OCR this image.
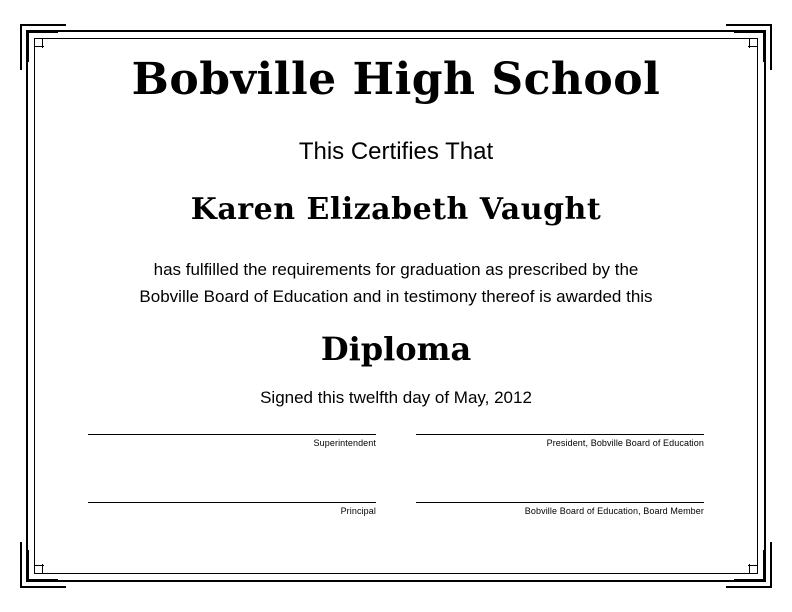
Bobville High School
This Certifies That
Karen Elizabeth Vaught
has fulfilled the requirements for graduation as prescribed by the
Bobville Board of Education and in testimony thereof is awarded this
Diploma
Signed this twelfth day of May, 2012
Superintendent	President, Bobville Board of Education
Principal	Bobville Board of Education, Board Member
